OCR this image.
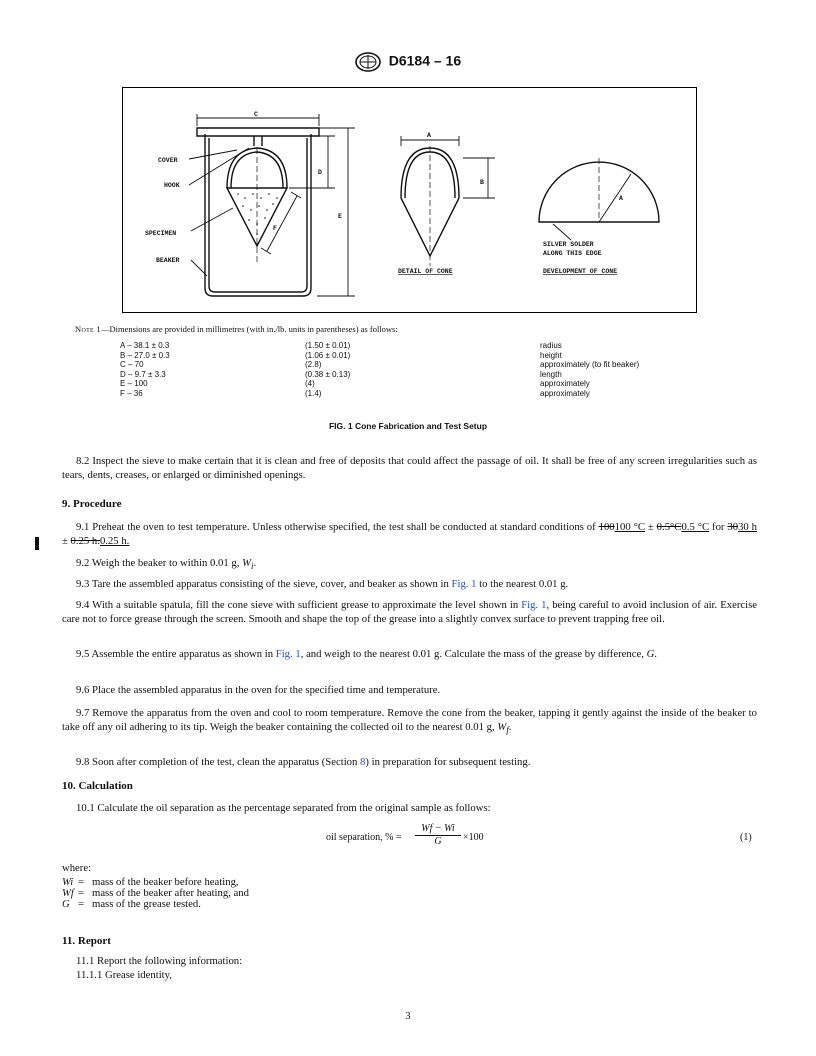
D6184 – 16
C
COVER
HOOK
SPECIMEN
BEAKER
D
E
F
A
B
A
DETAIL OF CONE
SILVER SOLDER
ALONG THIS EDGE
DEVELOPMENT OF CONE
Note 1—Dimensions are provided in millimetres (with in./lb. units in parentheses) as follows:
A – 38.1 ± 0.3	(1.50 ± 0.01)	radius
B – 27.0 ± 0.3	(1.06 ± 0.01)	height
C – 70	(2.8)	approximately (to fit beaker)
D – 9.7 ± 3.3	(0.38 ± 0.13)	length
E – 100	(4)	approximately
F – 36	(1.4)	approximately
FIG. 1 Cone Fabrication and Test Setup
8.2 Inspect the sieve to make certain that it is clean and free of deposits that could affect the passage of oil. It shall be free of any screen irregularities such as tears, dents, creases, or enlarged or diminished openings.
9. Procedure
9.1 Preheat the oven to test temperature. Unless otherwise specified, the test shall be conducted at standard conditions of 100100 °C ± 0.5°C0.5 °C for 3030 h ± 0.25 h.0.25 h.
9.2 Weigh the beaker to within 0.01 g, $W_i$.
9.3 Tare the assembled apparatus consisting of the sieve, cover, and beaker as shown in Fig. 1 to the nearest 0.01 g.
9.4 With a suitable spatula, fill the cone sieve with sufficient grease to approximate the level shown in Fig. 1, being careful to avoid inclusion of air. Exercise care not to force grease through the screen. Smooth and shape the top of the grease into a slightly convex surface to prevent trapping free oil.
9.5 Assemble the entire apparatus as shown in Fig. 1, and weigh to the nearest 0.01 g. Calculate the mass of the grease by difference, G.
9.6 Place the assembled apparatus in the oven for the specified time and temperature.
9.7 Remove the apparatus from the oven and cool to room temperature. Remove the cone from the beaker, tapping it gently against the inside of the beaker to take off any oil adhering to its tip. Weigh the beaker containing the collected oil to the nearest 0.01 g, $W_f$.
9.8 Soon after completion of the test, clean the apparatus (Section 8) in preparation for subsequent testing.
10. Calculation
10.1 Calculate the oil separation as the percentage separated from the original sample as follows:
oil separation, % = $\frac{Wf - Wi}{G} \times 100$	(1)
where:
Wi = mass of the beaker before heating,
Wf = mass of the beaker after heating, and
G = mass of the grease tested.
11. Report
11.1 Report the following information:
11.1.1 Grease identity,
3
